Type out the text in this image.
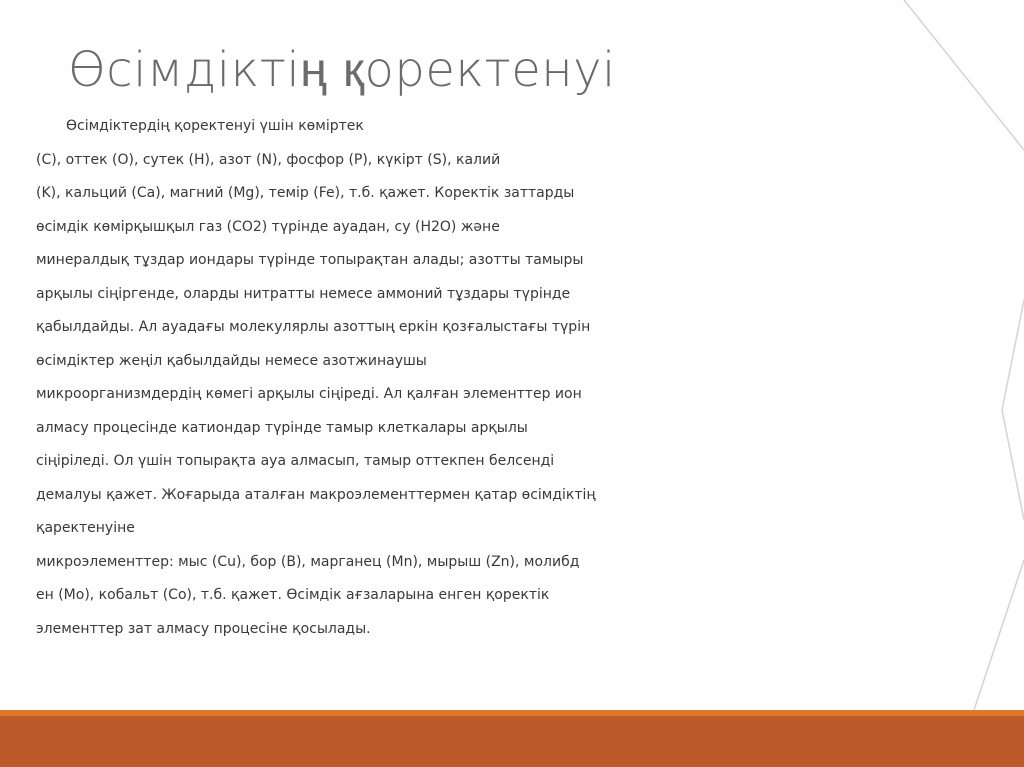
Өсімдіктің қоректенуі
Өсімдіктердің қоректенуі үшін көміртек
(C), оттек (O), сутек (H), азот (N), фосфор (P), күкірт (S), калий
(K), кальций (Ca), магний (Mg), темір (Fe), т.б. қажет. Коректік заттарды
өсімдік көмірқышқыл газ (CO2) түрінде ауадан, су (H2O) және
минералдық тұздар иондары түрінде топырақтан алады; азотты тамыры
арқылы сіңіргенде, оларды нитратты немесе аммоний тұздары түрінде
қабылдайды. Ал ауадағы молекулярлы азоттың еркін қозғалыстағы түрін
өсімдіктер жеңіл қабылдайды немесе азотжинаушы
микроорганизмдердің көмегі арқылы сіңіреді. Ал қалған элементтер ион
алмасу процесінде катиондар түрінде тамыр клеткалары арқылы
сіңіріледі. Ол үшін топырақта ауа алмасып, тамыр оттекпен белсенді
демалуы қажет. Жоғарыда аталған макроэлементтермен қатар өсімдіктің
қаректенуіне
микроэлементтер: мыс (Cu), бор (B), марганец (Mn), мырыш (Zn), молибд
ен (Mo), кобальт (Co), т.б. қажет. Өсімдік ағзаларына енген қоректік
элементтер зат алмасу процесіне қосылады.
